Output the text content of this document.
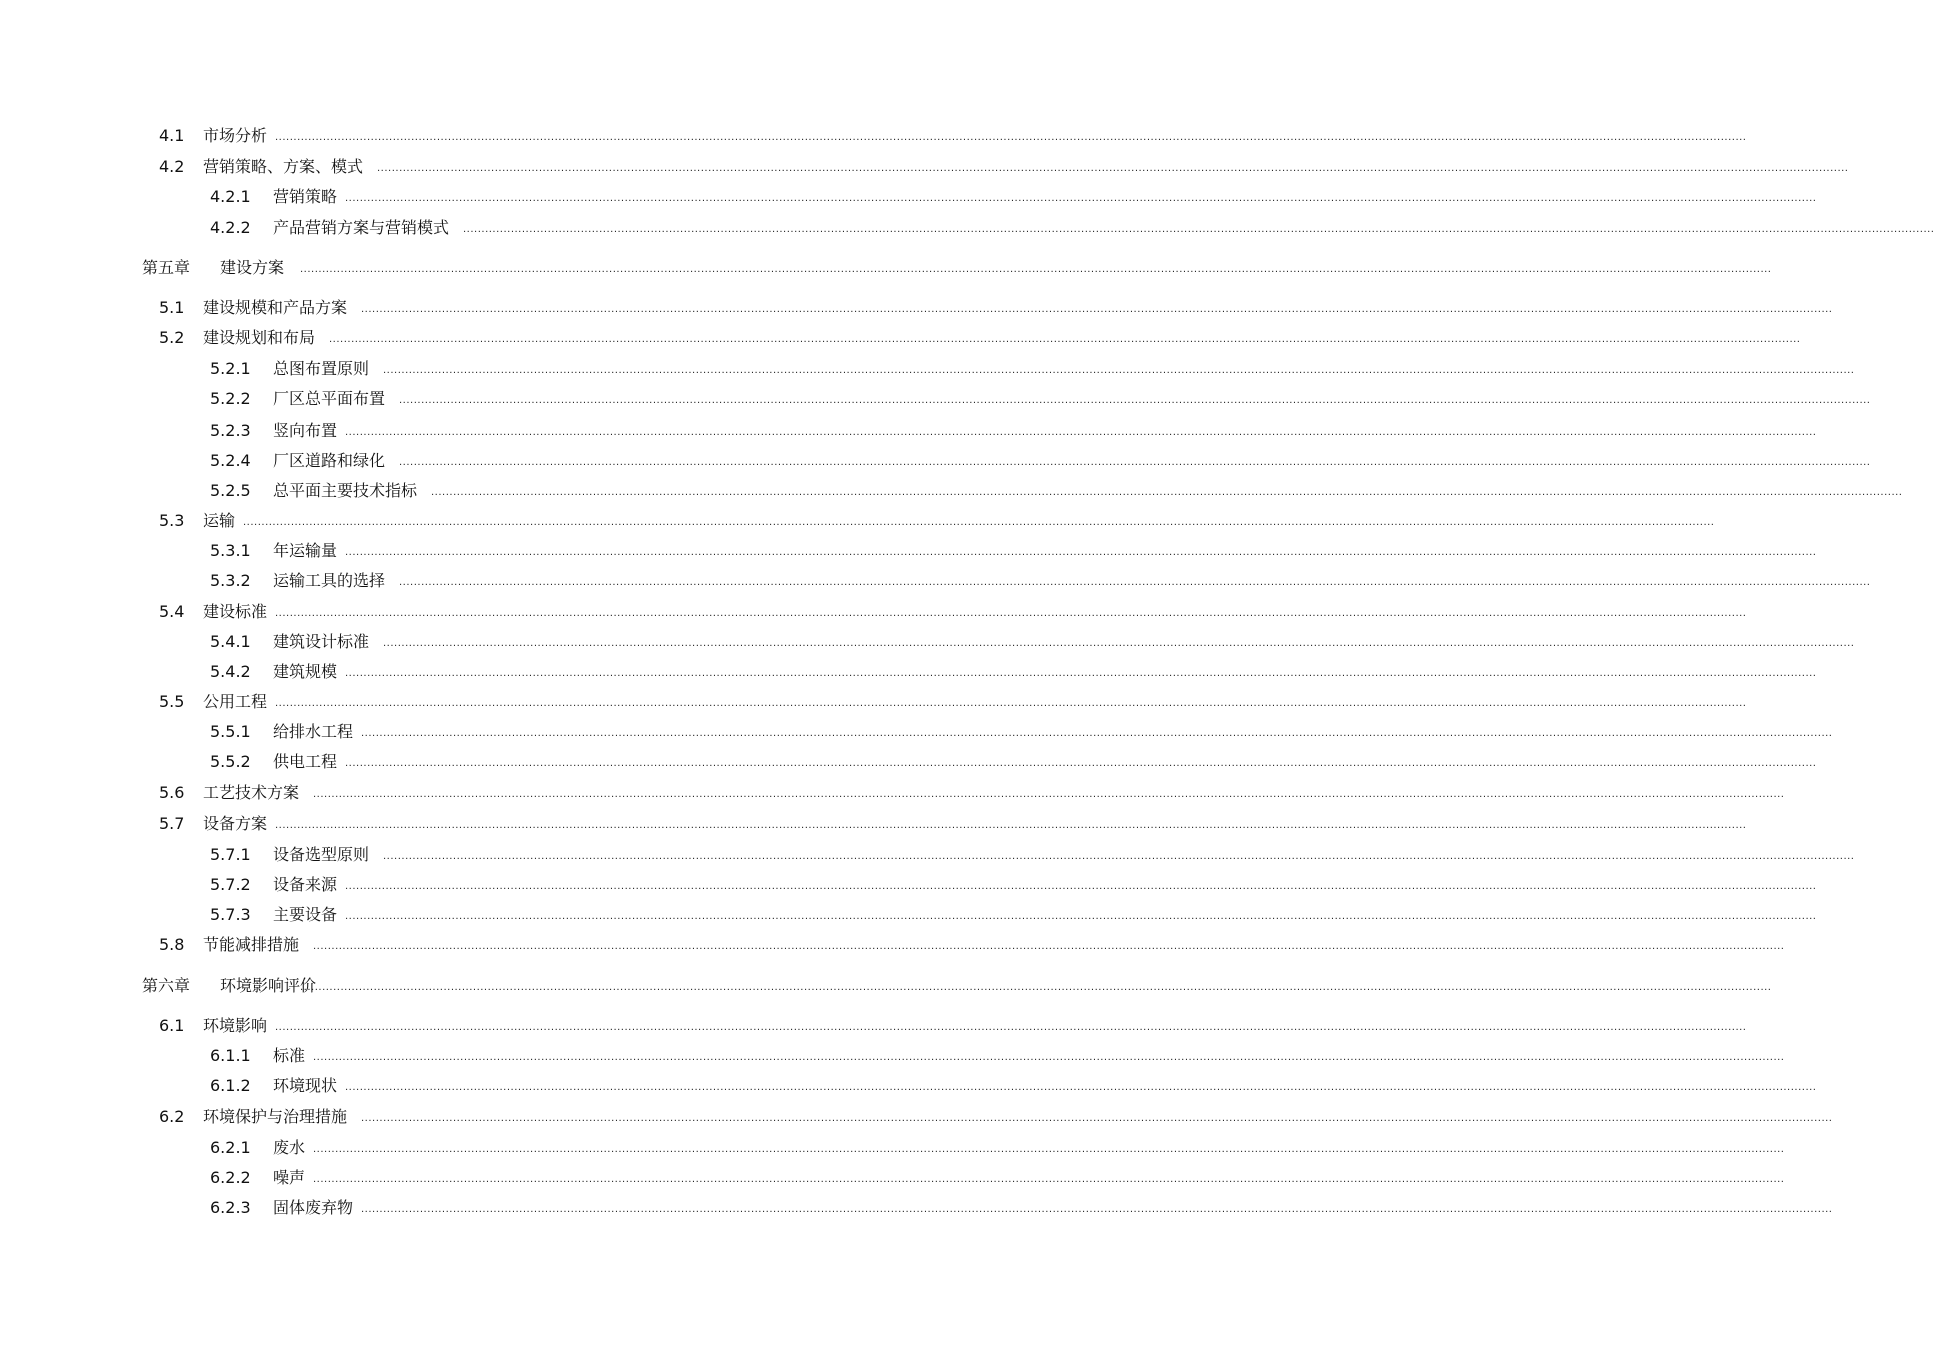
4.1 市场分析 ................................................................................................................................................................................................................................................................................................................................................................................................................
4.2 营销策略、方案、模式 ................................................................................................................................................................................................................................................................................................................................................................................................................
4.2.1 营销策略 ................................................................................................................................................................................................................................................................................................................................................................................................................
4.2.2 产品营销方案与营销模式 ................................................................................................................................................................................................................................................................................................................................................................................................................
第五章 建设方案 ................................................................................................................................................................................................................................................................................................................................................................................................................
5.1 建设规模和产品方案 ................................................................................................................................................................................................................................................................................................................................................................................................................
5.2 建设规划和布局 ................................................................................................................................................................................................................................................................................................................................................................................................................
5.2.1 总图布置原则 ................................................................................................................................................................................................................................................................................................................................................................................................................
5.2.2 厂区总平面布置 ................................................................................................................................................................................................................................................................................................................................................................................................................
5.2.3 竖向布置 ................................................................................................................................................................................................................................................................................................................................................................................................................
5.2.4 厂区道路和绿化 ................................................................................................................................................................................................................................................................................................................................................................................................................
5.2.5 总平面主要技术指标 ................................................................................................................................................................................................................................................................................................................................................................................................................
5.3 运输 ................................................................................................................................................................................................................................................................................................................................................................................................................
5.3.1 年运输量 ................................................................................................................................................................................................................................................................................................................................................................................................................
5.3.2 运输工具的选择 ................................................................................................................................................................................................................................................................................................................................................................................................................
5.4 建设标准 ................................................................................................................................................................................................................................................................................................................................................................................................................
5.4.1 建筑设计标准 ................................................................................................................................................................................................................................................................................................................................................................................................................
5.4.2 建筑规模 ................................................................................................................................................................................................................................................................................................................................................................................................................
5.5 公用工程 ................................................................................................................................................................................................................................................................................................................................................................................................................
5.5.1 给排水工程 ................................................................................................................................................................................................................................................................................................................................................................................................................
5.5.2 供电工程 ................................................................................................................................................................................................................................................................................................................................................................................................................
5.6 工艺技术方案 ................................................................................................................................................................................................................................................................................................................................................................................................................
5.7 设备方案 ................................................................................................................................................................................................................................................................................................................................................................................................................
5.7.1 设备选型原则 ................................................................................................................................................................................................................................................................................................................................................................................................................
5.7.2 设备来源 ................................................................................................................................................................................................................................................................................................................................................................................................................
5.7.3 主要设备 ................................................................................................................................................................................................................................................................................................................................................................................................................
5.8 节能减排措施 ................................................................................................................................................................................................................................................................................................................................................................................................................
第六章 环境影响评价
................................................................................................................................................................................................................................................................................................................................................................................................................
6.1 环境影响 ................................................................................................................................................................................................................................................................................................................................................................................................................
6.1.1 标准 ................................................................................................................................................................................................................................................................................................................................................................................................................
6.1.2 环境现状 ................................................................................................................................................................................................................................................................................................................................................................................................................
6.2 环境保护与治理措施 ................................................................................................................................................................................................................................................................................................................................................................................................................
6.2.1 废水 ................................................................................................................................................................................................................................................................................................................................................................................................................
6.2.2 噪声 ................................................................................................................................................................................................................................................................................................................................................................................................................
6.2.3 固体废弃物 ................................................................................................................................................................................................................................................................................................................................................................................................................
